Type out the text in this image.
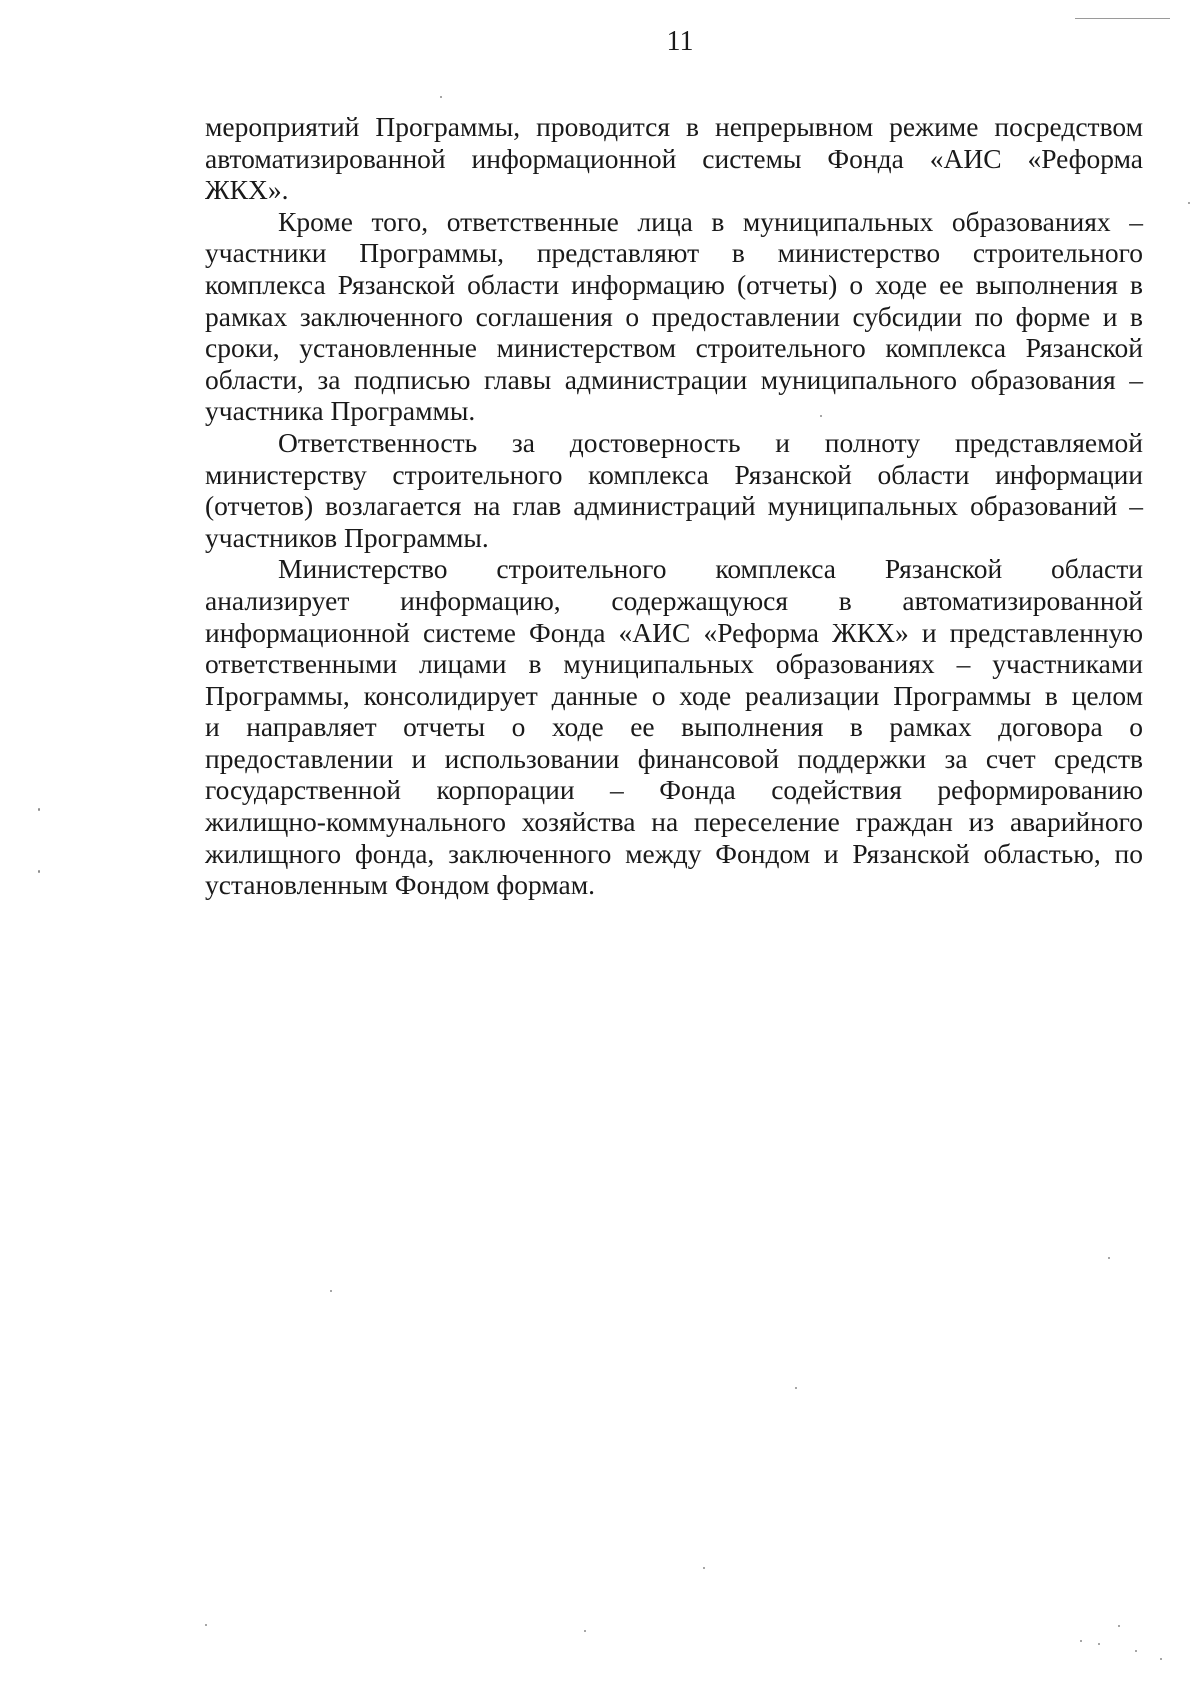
11
мероприятий Программы, проводится в непрерывном режиме посредством
автоматизированной информационной системы Фонда «АИС «Реформа
ЖКХ».
Кроме того, ответственные лица в муниципальных образованиях –
участники Программы, представляют в министерство строительного
комплекса Рязанской области информацию (отчеты) о ходе ее выполнения в
рамках заключенного соглашения о предоставлении субсидии по форме и в
сроки, установленные министерством строительного комплекса Рязанской
области, за подписью главы администрации муниципального образования –
участника Программы.
Ответственность за достоверность и полноту представляемой
министерству строительного комплекса Рязанской области информации
(отчетов) возлагается на глав администраций муниципальных образований –
участников Программы.
Министерство строительного комплекса Рязанской области
анализирует информацию, содержащуюся в автоматизированной
информационной системе Фонда «АИС «Реформа ЖКХ» и представленную
ответственными лицами в муниципальных образованиях – участниками
Программы, консолидирует данные о ходе реализации Программы в целом
и направляет отчеты о ходе ее выполнения в рамках договора о
предоставлении и использовании финансовой поддержки за счет средств
государственной корпорации – Фонда содействия реформированию
жилищно-коммунального хозяйства на переселение граждан из аварийного
жилищного фонда, заключенного между Фондом и Рязанской областью, по
установленным Фондом формам.
